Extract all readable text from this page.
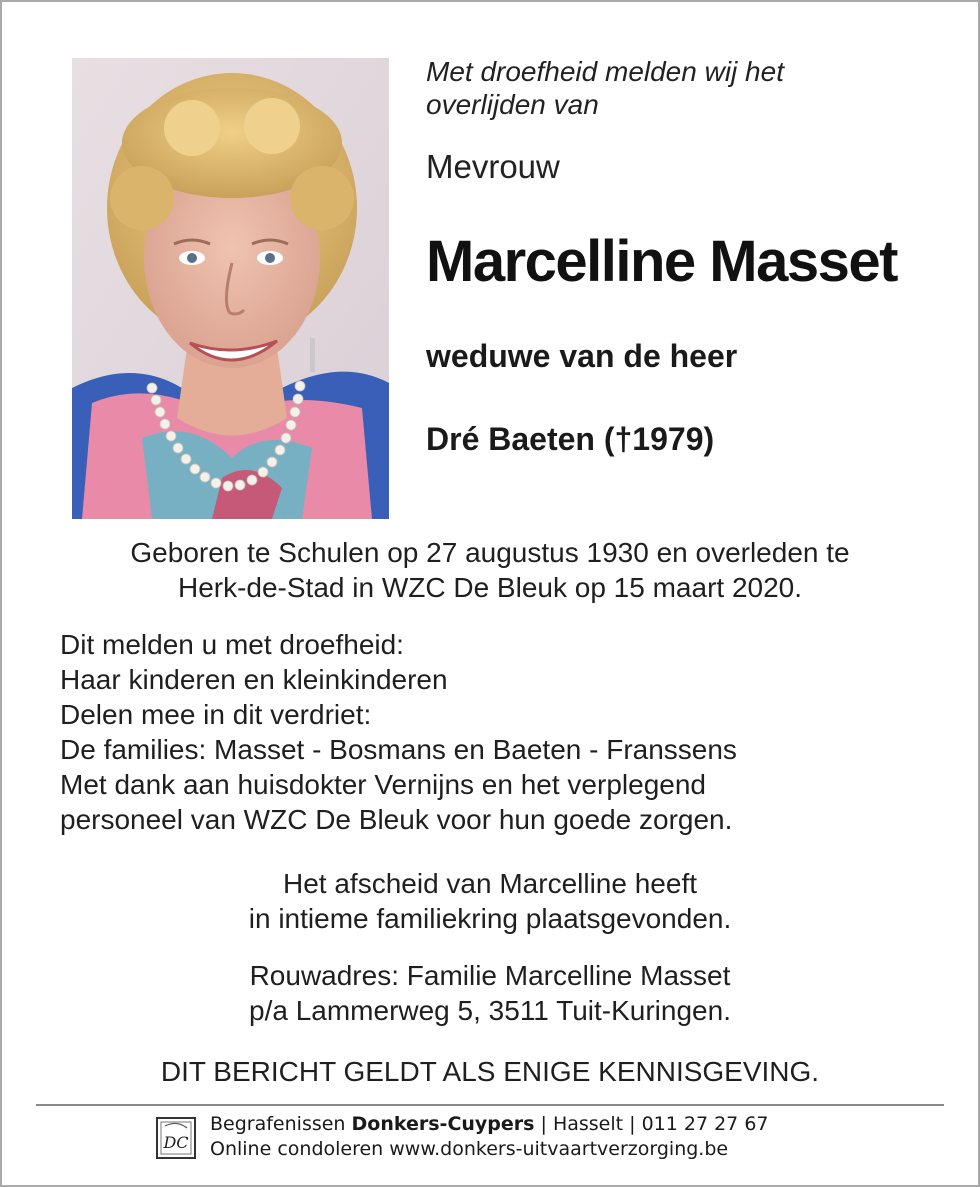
Met droefheid melden wij het
overlijden van
Mevrouw
Marcelline Masset
weduwe van de heer
Dré Baeten (†1979)
Geboren te Schulen op 27 augustus 1930 en overleden te
Herk-de-Stad in WZC De Bleuk op 15 maart 2020.
Dit melden u met droefheid:
Haar kinderen en kleinkinderen
Delen mee in dit verdriet:
De families: Masset - Bosmans en Baeten - Franssens
Met dank aan huisdokter Vernijns en het verplegend
personeel van WZC De Bleuk voor hun goede zorgen.
Het afscheid van Marcelline heeft
in intieme familiekring plaatsgevonden.
Rouwadres: Familie Marcelline Masset
p/a Lammerweg 5, 3511 Tuit-Kuringen.
DIT BERICHT GELDT ALS ENIGE KENNISGEVING.
DC
Begrafenissen Donkers-Cuypers | Hasselt | 011 27 27 67
Online condoleren www.donkers-uitvaartverzorging.be
